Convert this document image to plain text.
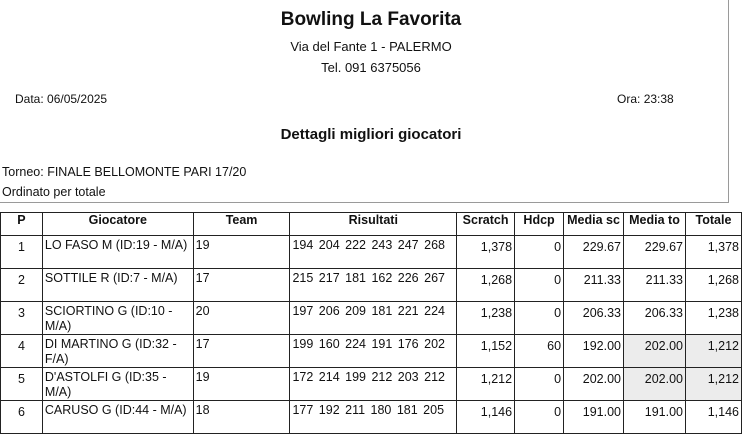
Bowling La Favorita
Via del Fante 1 - PALERMO
Tel. 091 6375056
Data: 06/05/2025	Ora: 23:38
Dettagli migliori giocatori
Torneo: FINALE BELLOMONTE PARI 17/20
Ordinato per totale
P	Giocatore	Team	Risultati	Scratch	Hdcp	Media sc	Media to	Totale
1	LO FASO M (ID:19 - M/A)	19	194 204 222 243 247 268	1,378	0	229.67	229.67	1,378
2	SOTTILE R (ID:7 - M/A)	17	215 217 181 162 226 267	1,268	0	211.33	211.33	1,268
3	SCIORTINO G (ID:10 - M/A)	20	197 206 209 181 221 224	1,238	0	206.33	206.33	1,238
4	DI MARTINO G (ID:32 - F/A)	17	199 160 224 191 176 202	1,152	60	192.00	202.00	1,212
5	D'ASTOLFI G (ID:35 - M/A)	19	172 214 199 212 203 212	1,212	0	202.00	202.00	1,212
6	CARUSO G (ID:44 - M/A)	18	177 192 211 180 181 205	1,146	0	191.00	191.00	1,146
